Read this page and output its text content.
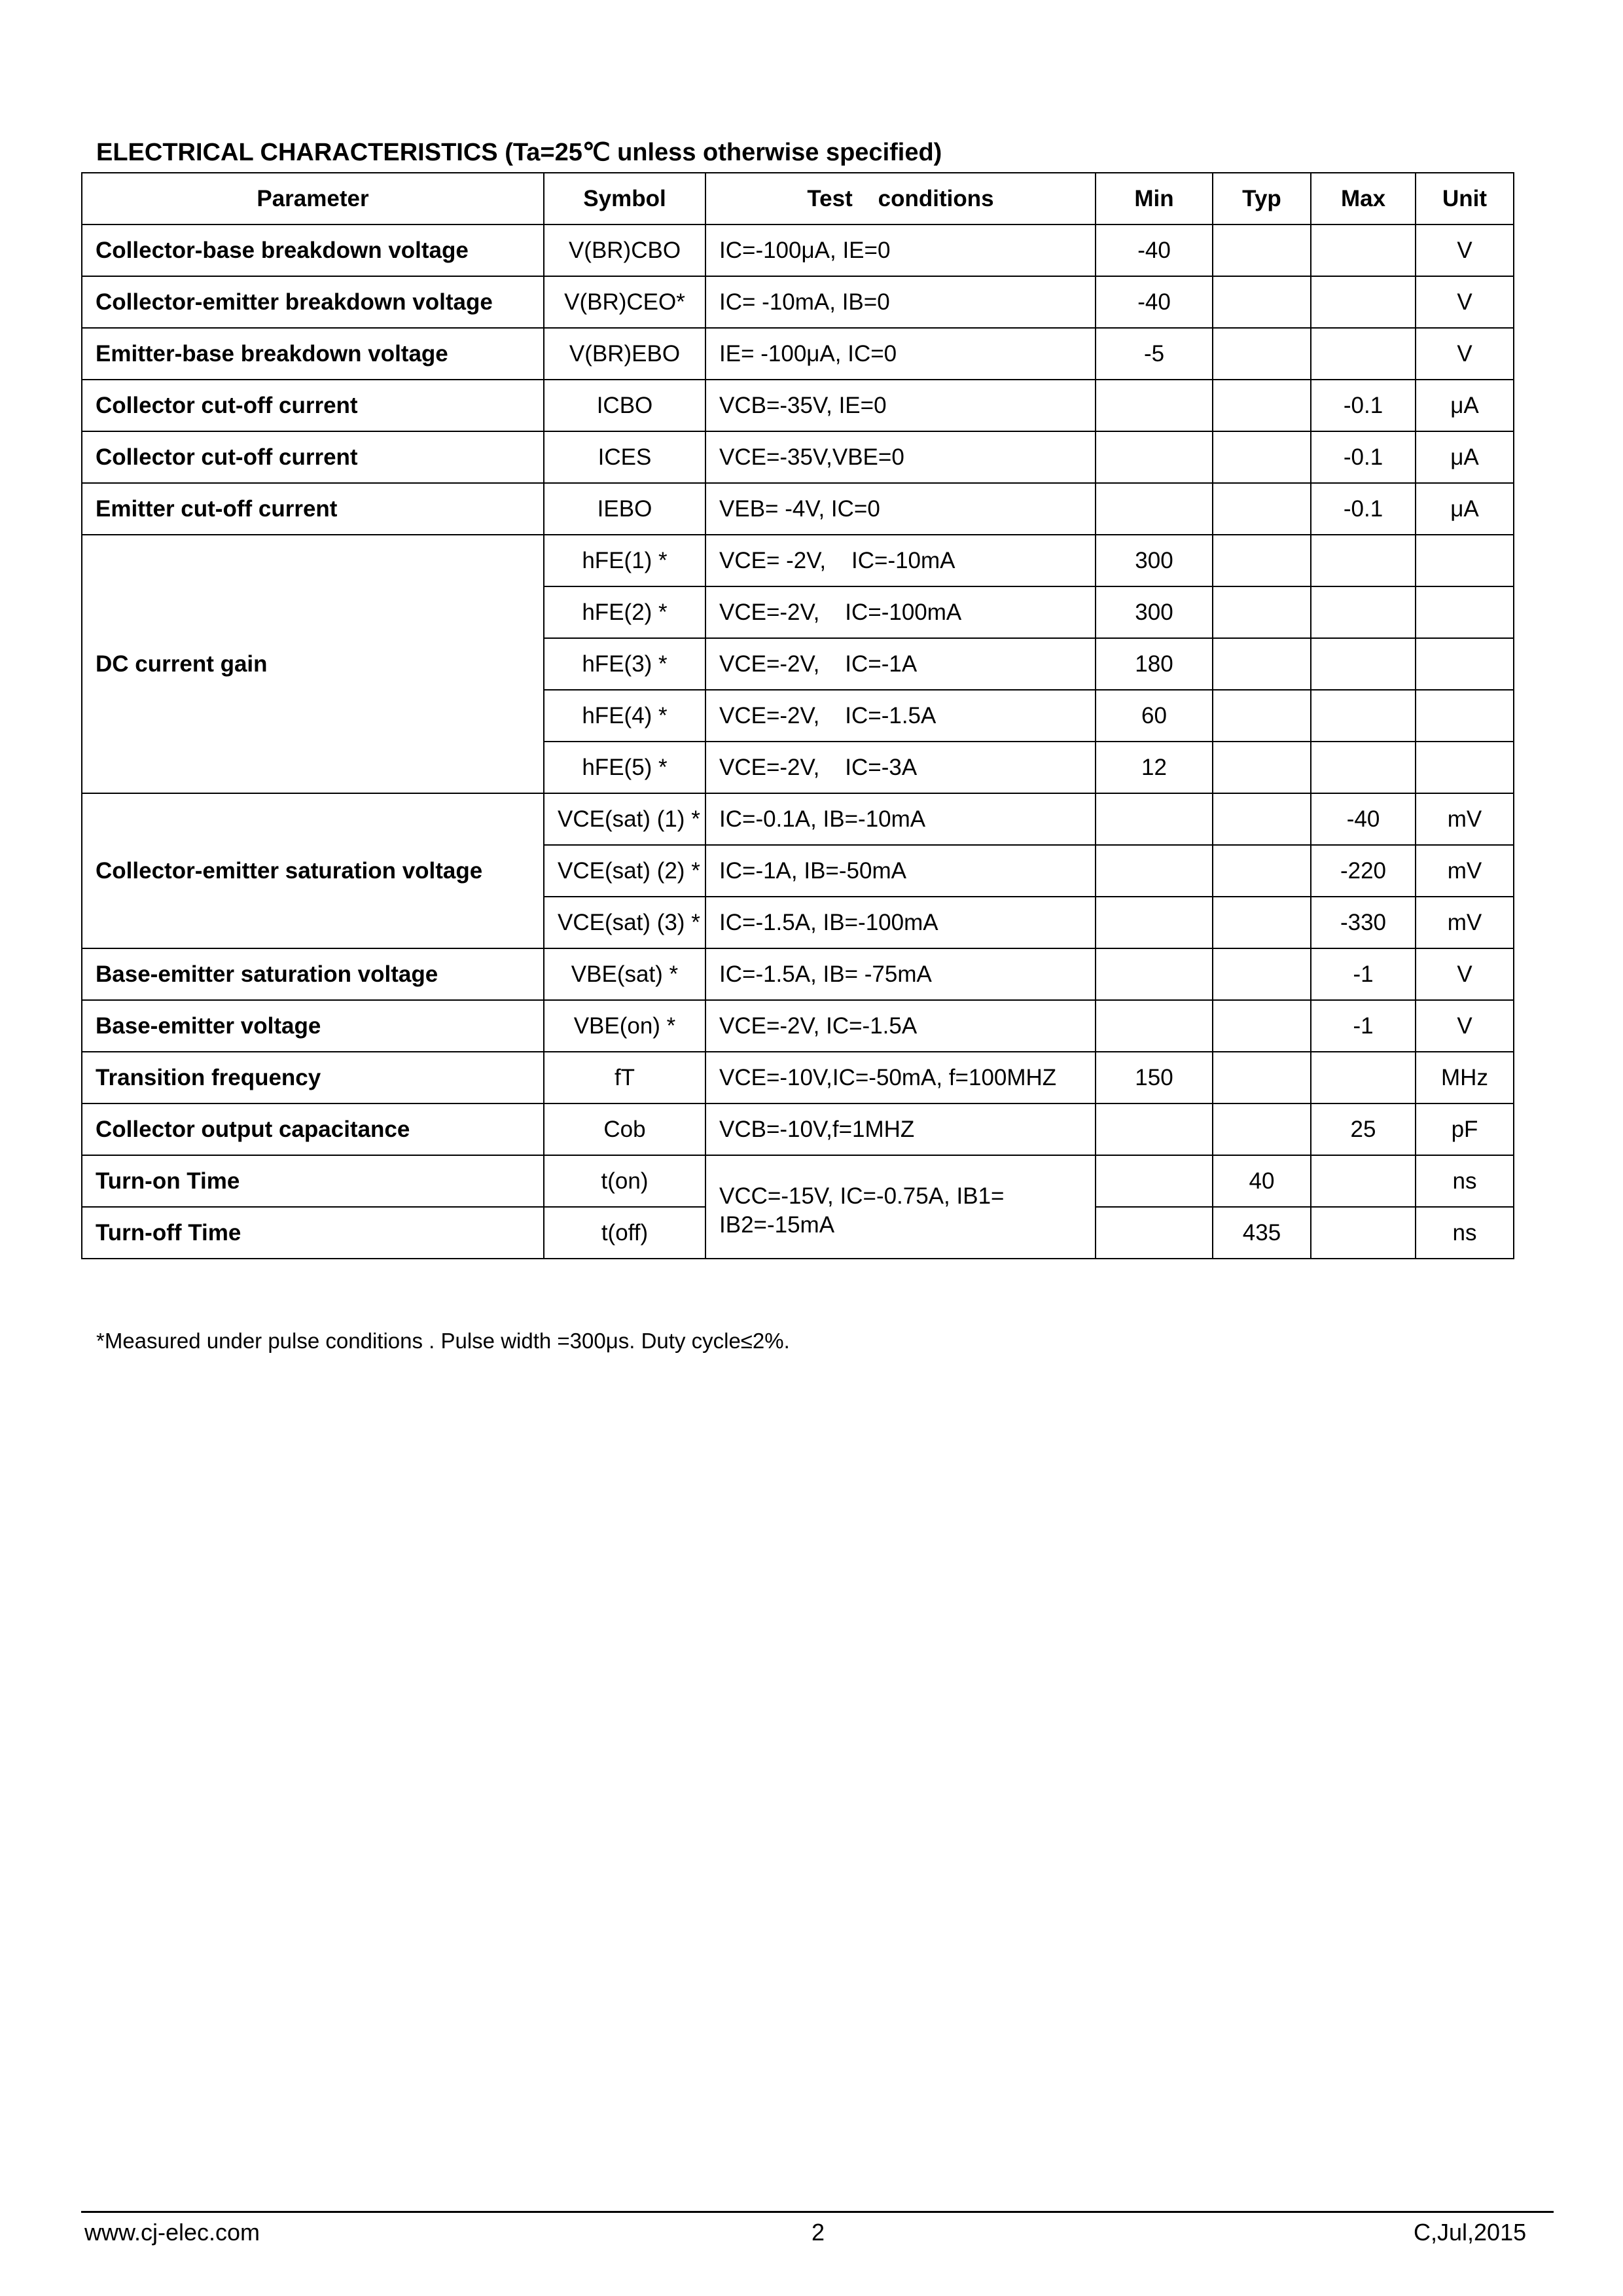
ELECTRICAL CHARACTERISTICS (Ta=25℃ unless otherwise specified)
Parameter	Symbol	Test    conditions	Min	Typ	Max	Unit
Collector-base breakdown voltage	V(BR)CBO	IC=-100μA, IE=0	-40			V
Collector-emitter breakdown voltage	V(BR)CEO*	IC= -10mA, IB=0	-40			V
Emitter-base breakdown voltage	V(BR)EBO	IE= -100μA, IC=0	-5			V
Collector cut-off current	ICBO	VCB=-35V, IE=0			-0.1	μA
Collector cut-off current	ICES	VCE=-35V,VBE=0			-0.1	μA
Emitter cut-off current	IEBO	VEB= -4V, IC=0			-0.1	μA
DC current gain	hFE(1) *	VCE= -2V,    IC=-10mA	300			
	hFE(2) *	VCE=-2V,    IC=-100mA	300			
	hFE(3) *	VCE=-2V,    IC=-1A	180			
	hFE(4) *	VCE=-2V,    IC=-1.5A	60			
	hFE(5) *	VCE=-2V,    IC=-3A	12			
Collector-emitter saturation voltage	VCE(sat) (1) *	IC=-0.1A, IB=-10mA			-40	mV
	VCE(sat) (2) *	IC=-1A, IB=-50mA			-220	mV
	VCE(sat) (3) *	IC=-1.5A, IB=-100mA			-330	mV
Base-emitter saturation voltage	VBE(sat) *	IC=-1.5A, IB= -75mA			-1	V
Base-emitter voltage	VBE(on) *	VCE=-2V, IC=-1.5A			-1	V
Transition frequency	fT	VCE=-10V,IC=-50mA, f=100MHZ	150			MHz
Collector output capacitance	Cob	VCB=-10V,f=1MHZ			25	pF
Turn-on Time	t(on)	VCC=-15V, IC=-0.75A, IB1= IB2=-15mA		40		ns
Turn-off Time	t(off)			435		ns
*Measured under pulse conditions . Pulse width =300μs. Duty cycle≤2%.
www.cj-elec.com	2	C,Jul,2015
